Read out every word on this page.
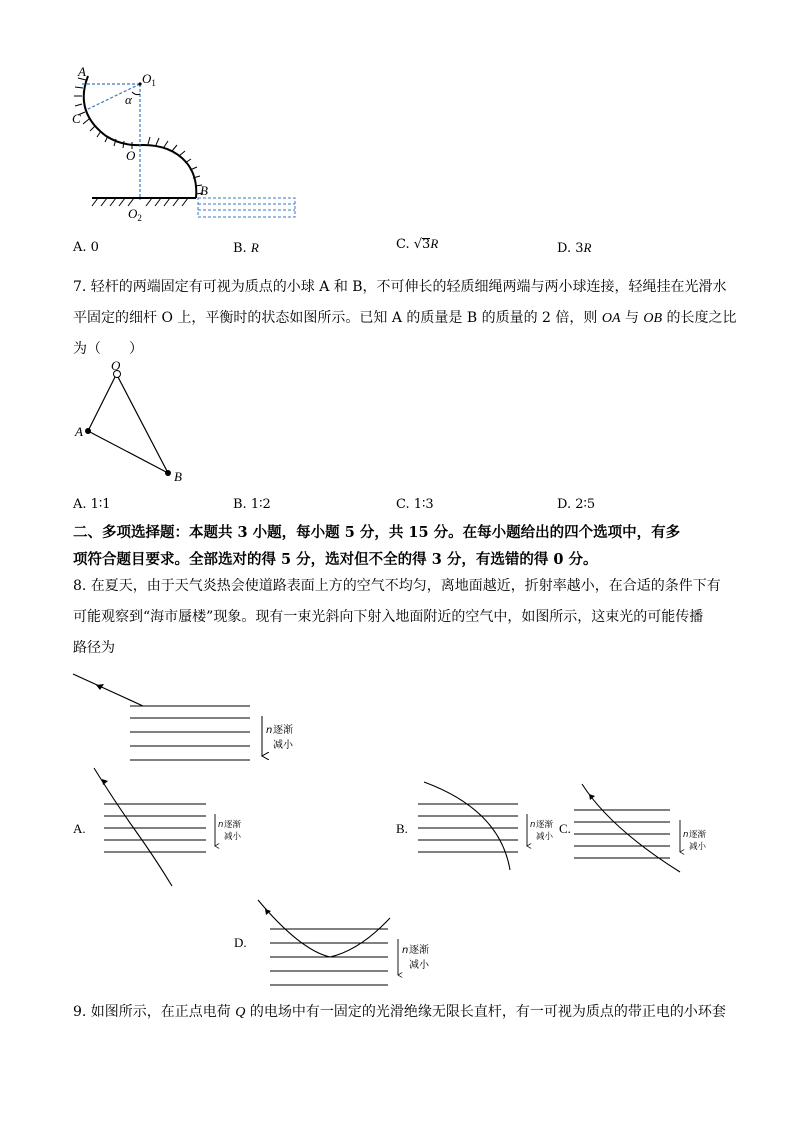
A	$O_1$
α
C
O
B
$O_2$
A. 0	B. R	C. √3R	D. 3R
7. 轻杆的两端固定有可视为质点的小球 A 和 B，不可伸长的轻质细绳两端与两小球连接，轻绳挂在光滑水
平固定的细杆 O 上，平衡时的状态如图所示。已知 A 的质量是 B 的质量的 2 倍，则 OA 与 OB 的长度之比
为（　　）
O
A
B
A. 1∶1	B. 1∶2	C. 1∶3	D. 2∶5
二、多项选择题：本题共 3 小题，每小题 5 分，共 15 分。在每小题给出的四个选项中，有多
项符合题目要求。全部选对的得 5 分，选对但不全的得 3 分，有选错的得 0 分。
8. 在夏天，由于天气炎热会使道路表面上方的空气不均匀，离地面越近，折射率越小，在合适的条件下有
可能观察到“海市蜃楼”现象。现有一束光斜向下射入地面附近的空气中，如图所示，这束光的可能传播
路径为
n 逐渐
减小
n 逐渐
减小
n 逐渐
减小	n 逐渐
减小
n 逐渐
减小
A.	B.	C.
D.
9. 如图所示，在正点电荷 Q 的电场中有一固定的光滑绝缘无限长直杆，有一可视为质点的带正电的小环套
